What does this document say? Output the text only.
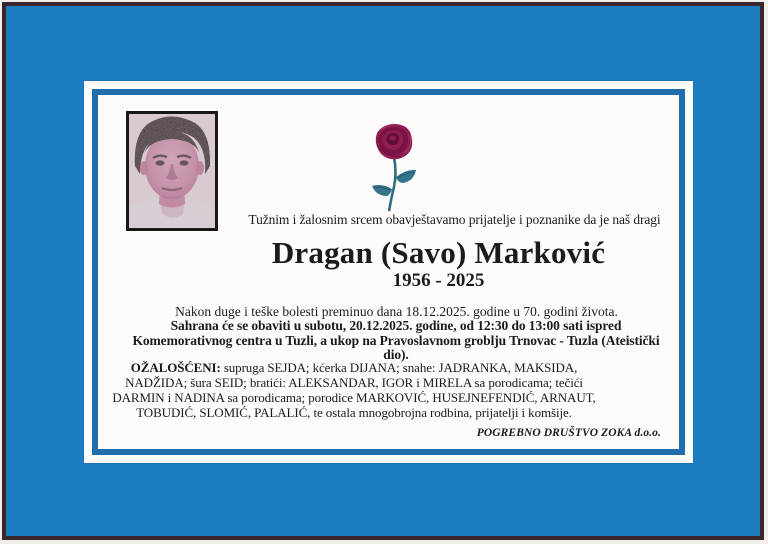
Tužnim i žalosnim srcem obavještavamo prijatelje i poznanike da je naš dragi
Dragan (Savo) Marković
1956 - 2025
Nakon duge i teške bolesti preminuo dana 18.12.2025. godine u 70. godini života.
Sahrana će se obaviti u subotu, 20.12.2025. godine, od 12:30 do 13:00 sati ispred Komemorativnog centra u Tuzli, a ukop na Pravoslavnom groblju Trnovac - Tuzla (Ateistički dio).
OŽALOŠĆENI: supruga SEJDA; kćerka DIJANA; snahe: JADRANKA, MAKSIDA, NADŽIDA; šura SEID; bratići: ALEKSANDAR, IGOR i MIRELA sa porodicama; tečići DARMIN i NADINA sa porodicama; porodice MARKOVIĆ, HUSEJNEFENDIĆ, ARNAUT, TOBUDIĆ, SLOMIĆ, PALALIĆ, te ostala mnogobrojna rodbina, prijatelji i komšije.
POGREBNO DRUŠTVO ZOKA d.o.o.
